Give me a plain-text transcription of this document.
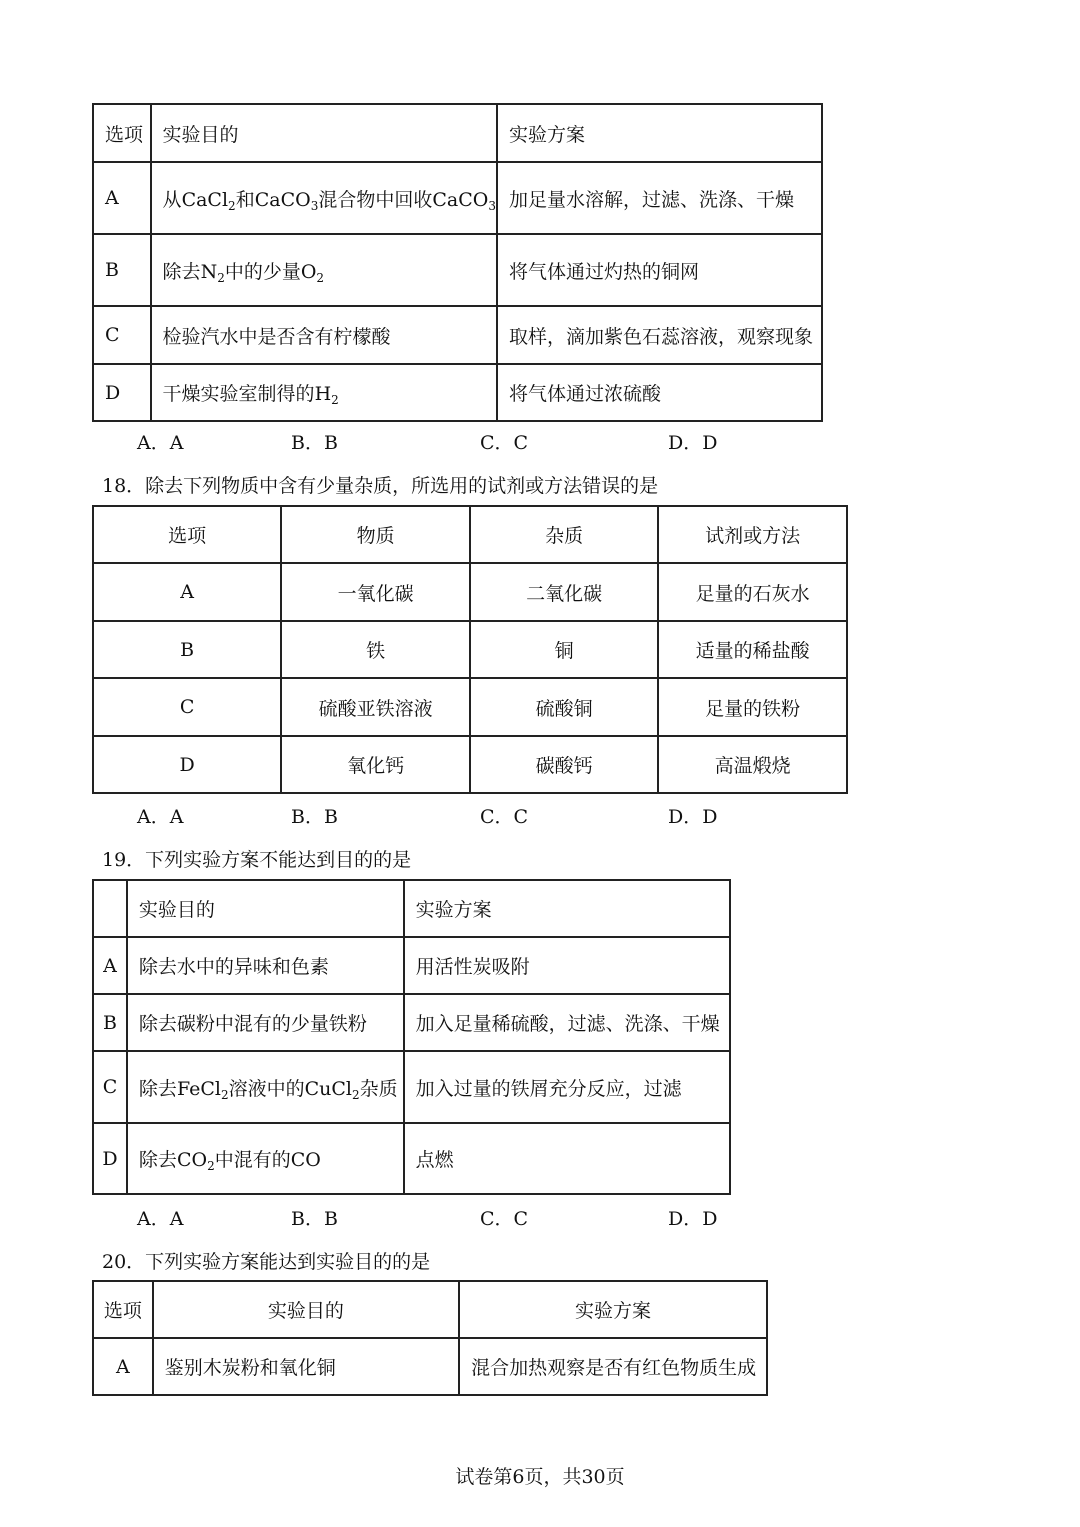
选项	实验目的	实验方案
A	从CaCl$_2$和CaCO$_3$混合物中回收CaCO$_3$	加足量水溶解，过滤、洗涤、干燥
B	除去$N_2$中的少量$O_2$	将气体通过灼热的铜网
C	检验汽水中是否含有柠檬酸	取样，滴加紫色石蕊溶液，观察现象
D	干燥实验室制得的$H_2$	将气体通过浓硫酸
A．A	B．B	C．C	D．D
18．除去下列物质中含有少量杂质，所选用的试剂或方法错误的是
选项	物质	杂质	试剂或方法
A	一氧化碳	二氧化碳	足量的石灰水
B	铁	铜	适量的稀盐酸
C	硫酸亚铁溶液	硫酸铜	足量的铁粉
D	氧化钙	碳酸钙	高温煅烧
A．A	B．B	C．C	D．D
19．下列实验方案不能达到目的的是
	实验目的	实验方案
A	除去水中的异味和色素	用活性炭吸附
B	除去碳粉中混有的少量铁粉	加入足量稀硫酸，过滤、洗涤、干燥
C	除去FeCl$_2$溶液中的CuCl$_2$杂质	加入过量的铁屑充分反应，过滤
D	除去$CO_2$中混有的CO	点燃
A．A	B．B	C．C	D．D
20．下列实验方案能达到实验目的的是
选项	实验目的	实验方案
A	鉴别木炭粉和氧化铜	混合加热观察是否有红色物质生成
试卷第6页，共30页
